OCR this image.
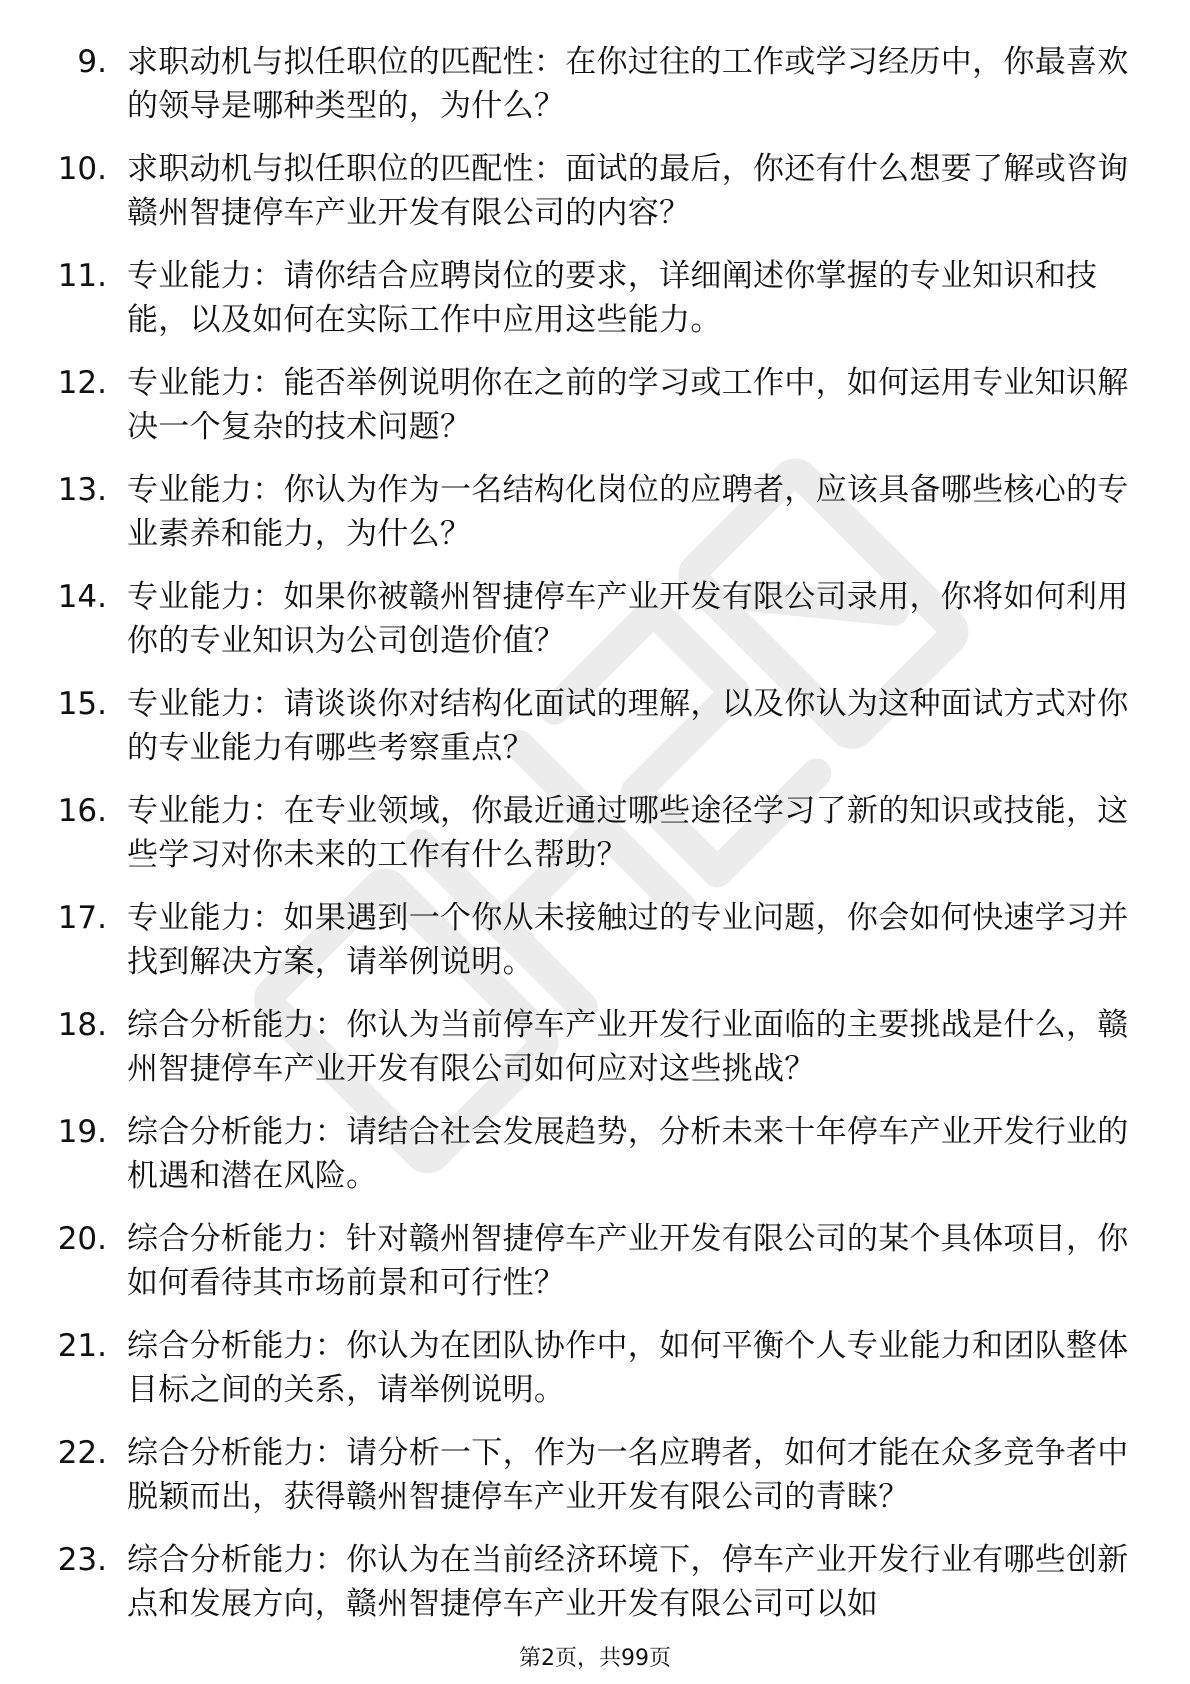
9. 求职动机与拟任职位的匹配性：在你过往的工作或学习经历中，你最喜欢的领导是哪种类型的，为什么？
10. 求职动机与拟任职位的匹配性：面试的最后，你还有什么想要了解或咨询赣州智捷停车产业开发有限公司的内容？
11. 专业能力：请你结合应聘岗位的要求，详细阐述你掌握的专业知识和技能，以及如何在实际工作中应用这些能力。
12. 专业能力：能否举例说明你在之前的学习或工作中，如何运用专业知识解决一个复杂的技术问题？
13. 专业能力：你认为作为一名结构化岗位的应聘者，应该具备哪些核心的专业素养和能力，为什么？
14. 专业能力：如果你被赣州智捷停车产业开发有限公司录用，你将如何利用你的专业知识为公司创造价值？
15. 专业能力：请谈谈你对结构化面试的理解，以及你认为这种面试方式对你的专业能力有哪些考察重点？
16. 专业能力：在专业领域，你最近通过哪些途径学习了新的知识或技能，这些学习对你未来的工作有什么帮助？
17. 专业能力：如果遇到一个你从未接触过的专业问题，你会如何快速学习并找到解决方案，请举例说明。
18. 综合分析能力：你认为当前停车产业开发行业面临的主要挑战是什么，赣州智捷停车产业开发有限公司如何应对这些挑战？
19. 综合分析能力：请结合社会发展趋势，分析未来十年停车产业开发行业的机遇和潜在风险。
20. 综合分析能力：针对赣州智捷停车产业开发有限公司的某个具体项目，你如何看待其市场前景和可行性？
21. 综合分析能力：你认为在团队协作中，如何平衡个人专业能力和团队整体目标之间的关系，请举例说明。
22. 综合分析能力：请分析一下，作为一名应聘者，如何才能在众多竞争者中脱颖而出，获得赣州智捷停车产业开发有限公司的青睐？
23. 综合分析能力：你认为在当前经济环境下，停车产业开发行业有哪些创新点和发展方向，赣州智捷停车产业开发有限公司可以如
第2页，共99页
